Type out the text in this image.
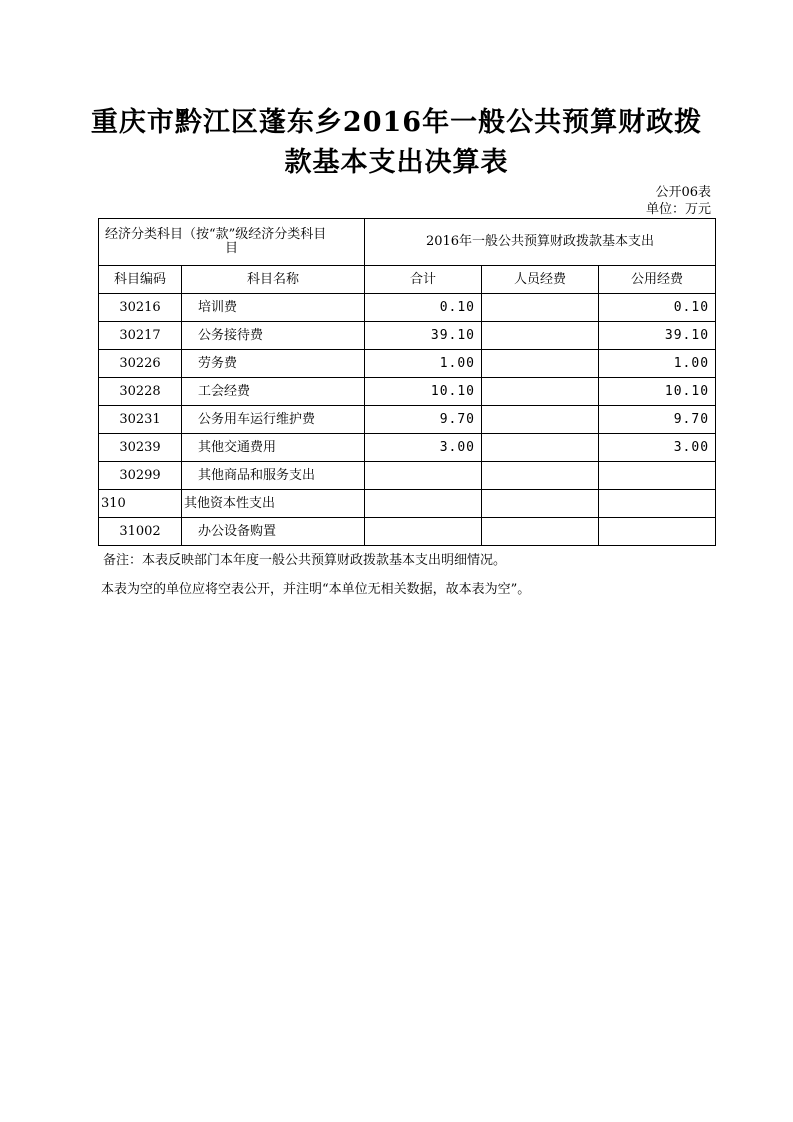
重庆市黔江区蓬东乡2016年一般公共预算财政拨
款基本支出决算表
公开06表
单位：万元
经济分类科目（按“款”级经济分类科目
目		2016年一般公共预算财政拨款基本支出		
科目编码	科目名称	合计	人员经费	公用经费
30216	培训费	0.10		0.10
30217	公务接待费	39.10		39.10
30226	劳务费	1.00		1.00
30228	工会经费	10.10		10.10
30231	公务用车运行维护费	9.70		9.70
30239	其他交通费用	3.00		3.00
30299	其他商品和服务支出			
310	其他资本性支出			
31002	办公设备购置			
备注：本表反映部门本年度一般公共预算财政拨款基本支出明细情况。
本表为空的单位应将空表公开，并注明“本单位无相关数据，故本表为空”。
